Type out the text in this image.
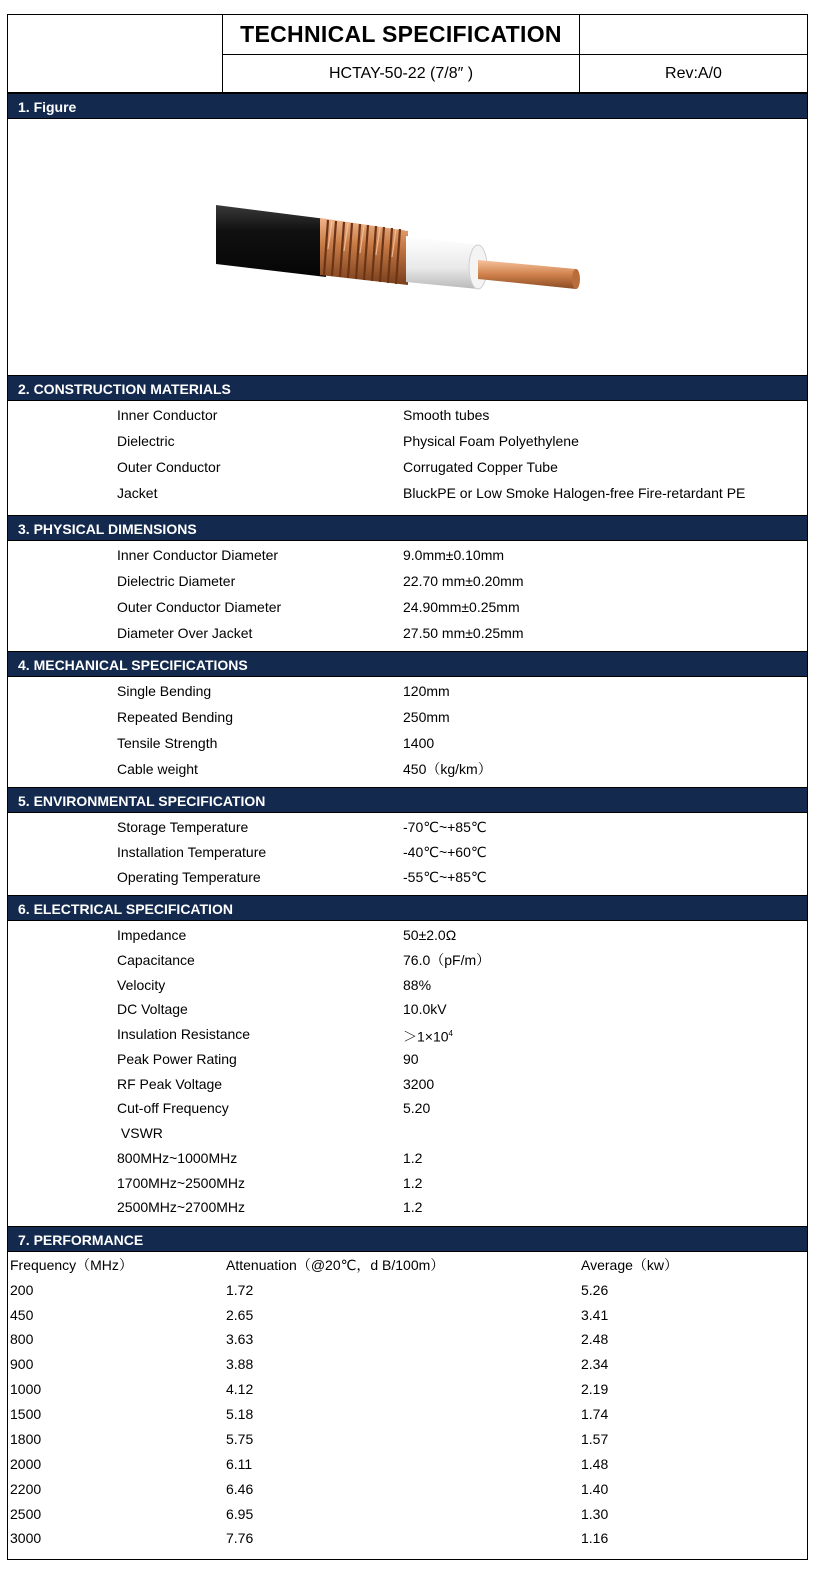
TECHNICAL SPECIFICATION
HCTAY-50-22 (7/8″ )	Rev:A/0
1. Figure
2. CONSTRUCTION MATERIALS
Inner Conductor	Smooth tubes
Dielectric	Physical Foam Polyethylene
Outer Conductor	Corrugated Copper Tube
Jacket	BluckPE or Low Smoke Halogen-free Fire-retardant PE
3. PHYSICAL DIMENSIONS
Inner Conductor Diameter	9.0mm±0.10mm
Dielectric Diameter	22.70 mm±0.20mm
Outer Conductor Diameter	24.90mm±0.25mm
Diameter Over Jacket	27.50 mm±0.25mm
4. MECHANICAL SPECIFICATIONS
Single Bending	120mm
Repeated Bending	250mm
Tensile Strength	1400
Cable weight	450（kg/km）
5. ENVIRONMENTAL SPECIFICATION
Storage Temperature	-70℃~+85℃
Installation Temperature	-40℃~+60℃
Operating Temperature	-55℃~+85℃
6. ELECTRICAL SPECIFICATION
Impedance	50±2.0Ω
Capacitance	76.0（pF/m）
Velocity	88%
DC Voltage	10.0kV
Insulation Resistance	$>1\times 10^4$
Peak Power Rating	90
RF Peak Voltage	3200
Cut-off Frequency	5.20
VSWR
800MHz~1000MHz	1.2
1700MHz~2500MHz	1.2
2500MHz~2700MHz	1.2
7. PERFORMANCE
Frequency（MHz）	Attenuation（@20℃，d B/100m）	Average（kw）
200	1.72	5.26
450	2.65	3.41
800	3.63	2.48
900	3.88	2.34
1000	4.12	2.19
1500	5.18	1.74
1800	5.75	1.57
2000	6.11	1.48
2200	6.46	1.40
2500	6.95	1.30
3000	7.76	1.16
